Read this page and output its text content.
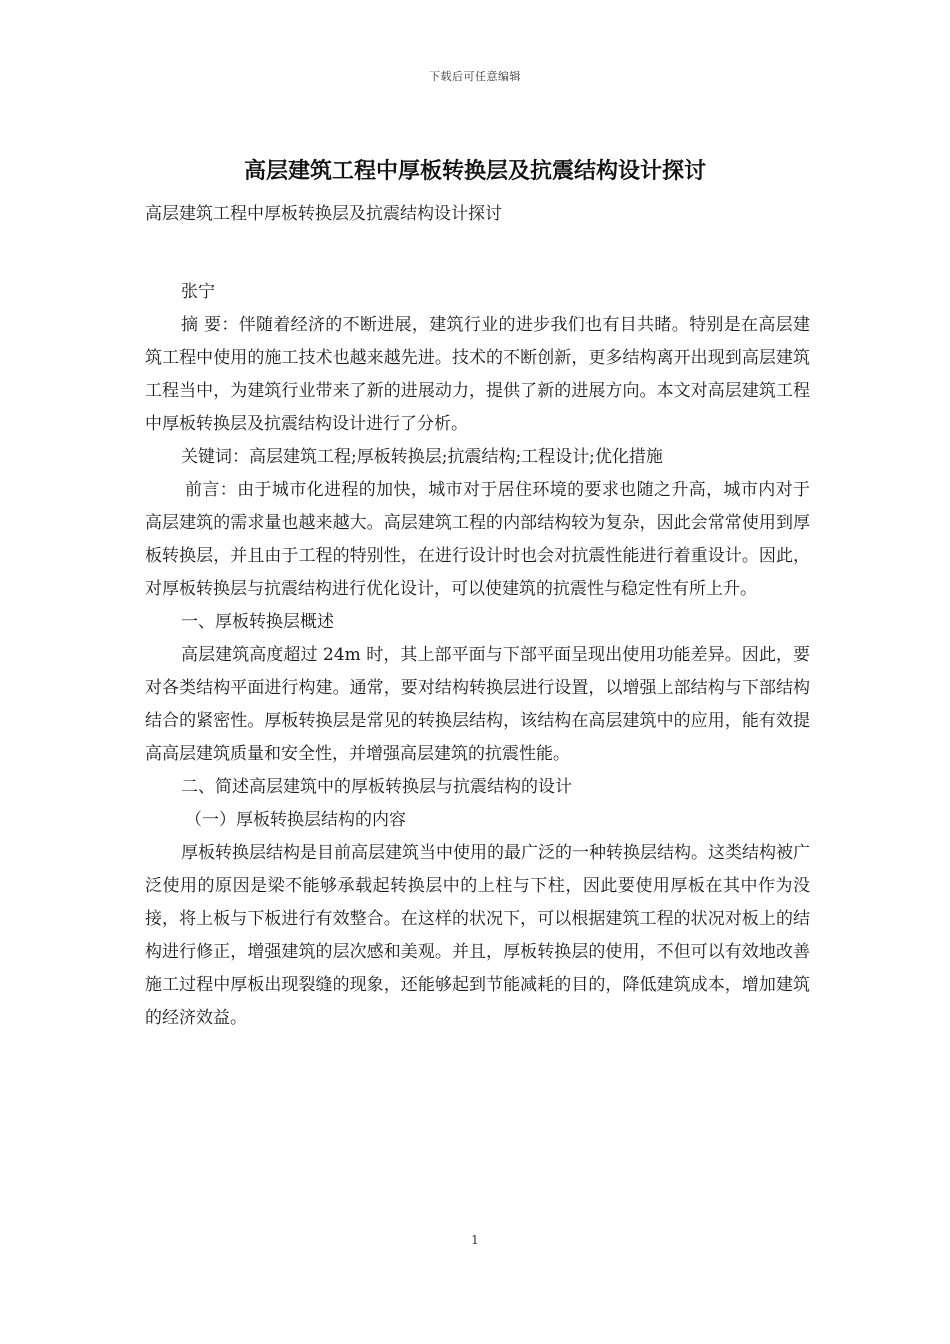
下载后可任意编辑
高层建筑工程中厚板转换层及抗震结构设计探讨
高层建筑工程中厚板转换层及抗震结构设计探讨
张宁

摘 要：伴随着经济的不断进展，建筑行业的进步我们也有目共睹。特别是在高层建筑工程中使用的施工技术也越来越先进。技术的不断创新，更多结构离开出现到高层建筑工程当中，为建筑行业带来了新的进展动力，提供了新的进展方向。本文对高层建筑工程中厚板转换层及抗震结构设计进行了分析。

关键词：高层建筑工程;厚板转换层;抗震结构;工程设计;优化措施

前言：由于城市化进程的加快，城市对于居住环境的要求也随之升高，城市内对于高层建筑的需求量也越来越大。高层建筑工程的内部结构较为复杂，因此会常常使用到厚板转换层，并且由于工程的特别性，在进行设计时也会对抗震性能进行着重设计。因此，对厚板转换层与抗震结构进行优化设计，可以使建筑的抗震性与稳定性有所上升。

一、厚板转换层概述

高层建筑高度超过 24m 时，其上部平面与下部平面呈现出使用功能差异。因此，要对各类结构平面进行构建。通常，要对结构转换层进行设置，以增强上部结构与下部结构结合的紧密性。厚板转换层是常见的转换层结构，该结构在高层建筑中的应用，能有效提高高层建筑质量和安全性，并增强高层建筑的抗震性能。

二、简述高层建筑中的厚板转换层与抗震结构的设计

（一）厚板转换层结构的内容

厚板转换层结构是目前高层建筑当中使用的最广泛的一种转换层结构。这类结构被广泛使用的原因是梁不能够承载起转换层中的上柱与下柱，因此要使用厚板在其中作为没接，将上板与下板进行有效整合。在这样的状况下，可以根据建筑工程的状况对板上的结构进行修正，增强建筑的层次感和美观。并且，厚板转换层的使用，不但可以有效地改善施工过程中厚板出现裂缝的现象，还能够起到节能减耗的目的，降低建筑成本，增加建筑的经济效益。

1
